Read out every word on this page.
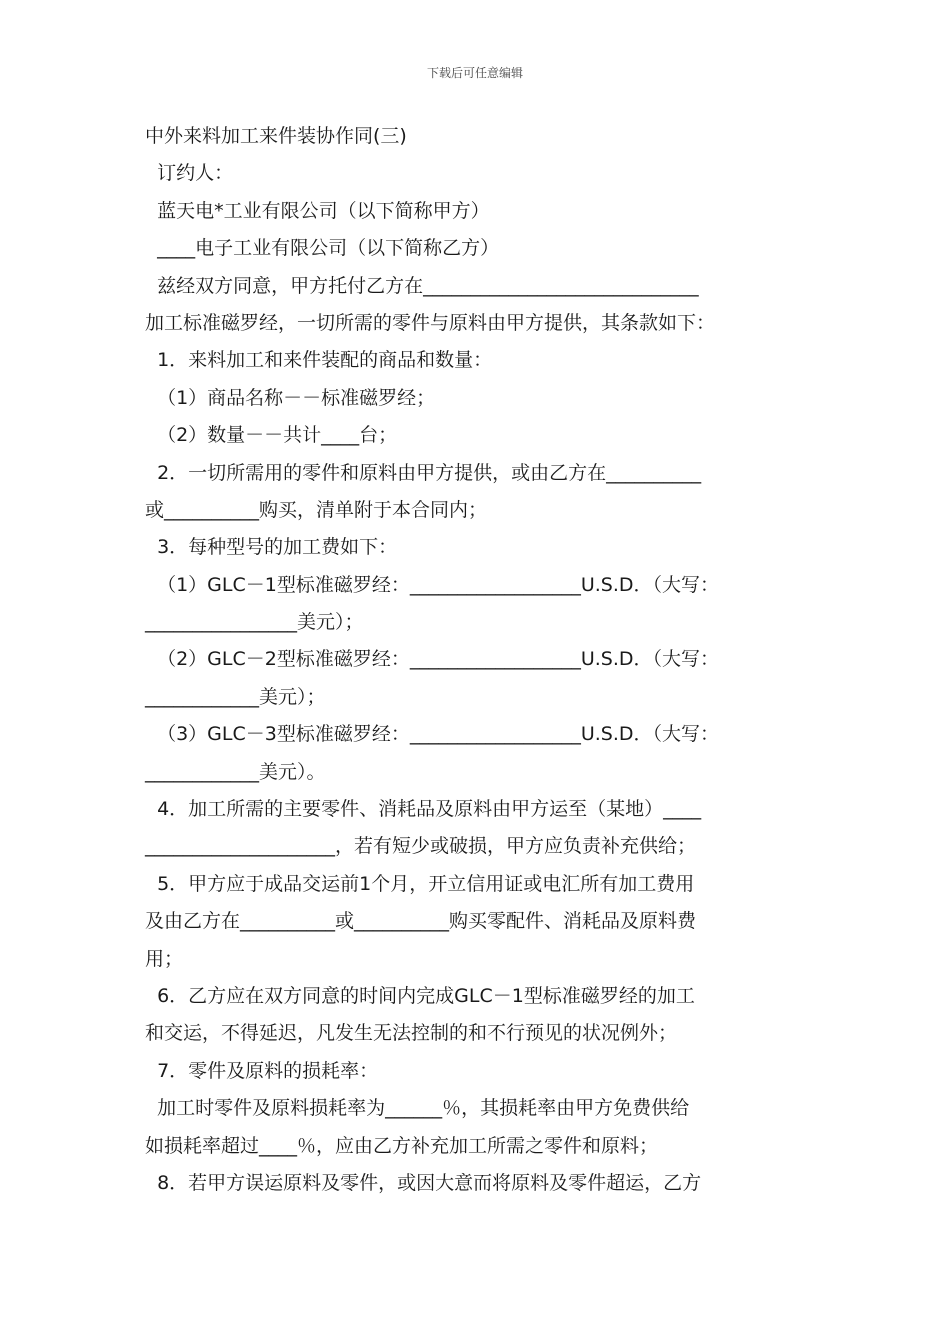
下载后可任意编辑
中外来料加工来件装协作同(三)
订约人：
蓝天电*工业有限公司（以下简称甲方）
____电子工业有限公司（以下简称乙方）
兹经双方同意，甲方托付乙方在_____________________________
加工标准磁罗经，一切所需的零件与原料由甲方提供，其条款如下：
1．来料加工和来件装配的商品和数量：
（1）商品名称－－标准磁罗经；
（2）数量－－共计____台；
2．一切所需用的零件和原料由甲方提供，或由乙方在__________
或__________购买，清单附于本合同内；
3．每种型号的加工费如下：
（1）GLC－1型标准磁罗经：__________________U.S.D．（大写：
________________美元）；
（2）GLC－2型标准磁罗经：__________________U.S.D．（大写：
____________美元）；
（3）GLC－3型标准磁罗经：__________________U.S.D．（大写：
____________美元）。
4．加工所需的主要零件、消耗品及原料由甲方运至（某地）____
____________________，若有短少或破损，甲方应负责补充供给；
5．甲方应于成品交运前1个月，开立信用证或电汇所有加工费用
及由乙方在__________或__________购买零配件、消耗品及原料费
用；
6．乙方应在双方同意的时间内完成GLC－1型标准磁罗经的加工
和交运，不得延迟，凡发生无法控制的和不行预见的状况例外；
7．零件及原料的损耗率：
加工时零件及原料损耗率为______％，其损耗率由甲方免费供给
如损耗率超过____％，应由乙方补充加工所需之零件和原料；
8．若甲方误运原料及零件，或因大意而将原料及零件超运，乙方
